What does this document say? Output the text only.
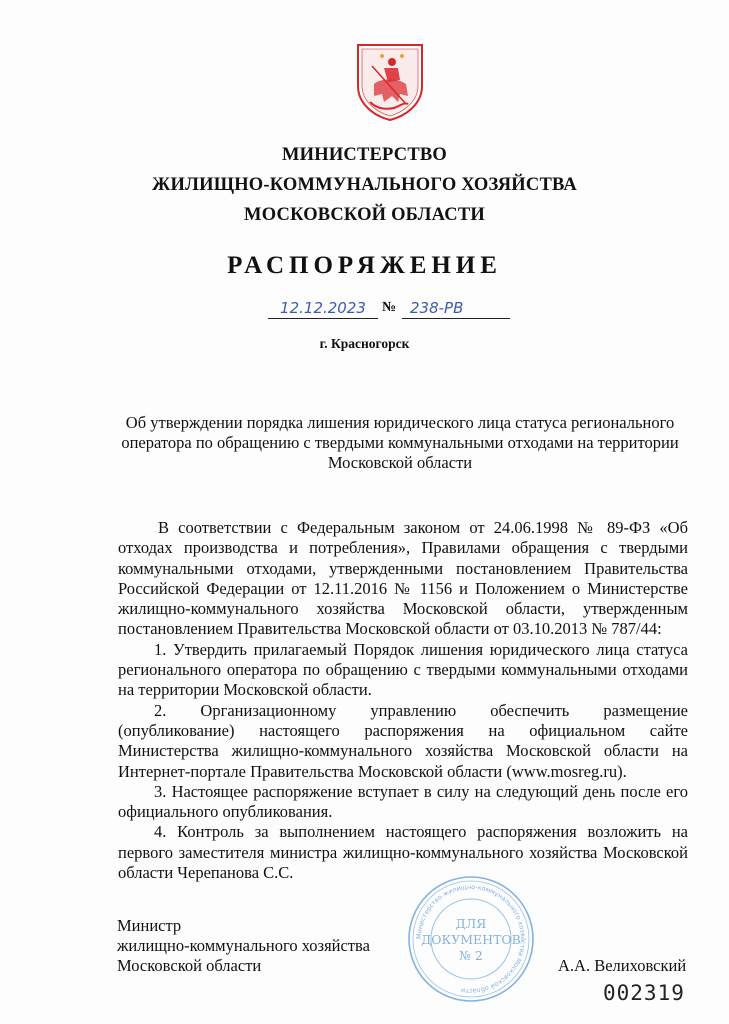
МИНИСТЕРСТВО
ЖИЛИЩНО-КОММУНАЛЬНОГО ХОЗЯЙСТВА
МОСКОВСКОЙ ОБЛАСТИ
РАСПОРЯЖЕНИЕ
12.12.2023	№ 238-РВ
г. Красногорск
Об утверждении порядка лишения юридического лица статуса регионального оператора по обращению с твердыми коммунальными отходами на территории Московской области

В соответствии с Федеральным законом от 24.06.1998 № 89-ФЗ «Об отходах производства и потребления», Правилами обращения с твердыми коммунальными отходами, утвержденными постановлением Правительства Российской Федерации от 12.11.2016 № 1156 и Положением о Министерстве жилищно-коммунального хозяйства Московской области, утвержденным постановлением Правительства Московской области от 03.10.2013 № 787/44:

1. Утвердить прилагаемый Порядок лишения юридического лица статуса регионального оператора по обращению с твердыми коммунальными отходами на территории Московской области.

2. Организационному управлению обеспечить размещение (опубликование) настоящего распоряжения на официальном сайте Министерства жилищно-коммунального хозяйства Московской области на Интернет-портале Правительства Московской области (www.mosreg.ru).

3. Настоящее распоряжение вступает в силу на следующий день после его официального опубликования.

4. Контроль за выполнением настоящего распоряжения возложить на первого заместителя министра жилищно-коммунального хозяйства Московской области Черепанова С.С.

Министр
жилищно-коммунального хозяйства
Московской области
Министерство жилищно-коммунального хозяйства Московской области
ДЛЯ
ДОКУМЕНТОВ
№ 2
А.А. Велиховский
002319
